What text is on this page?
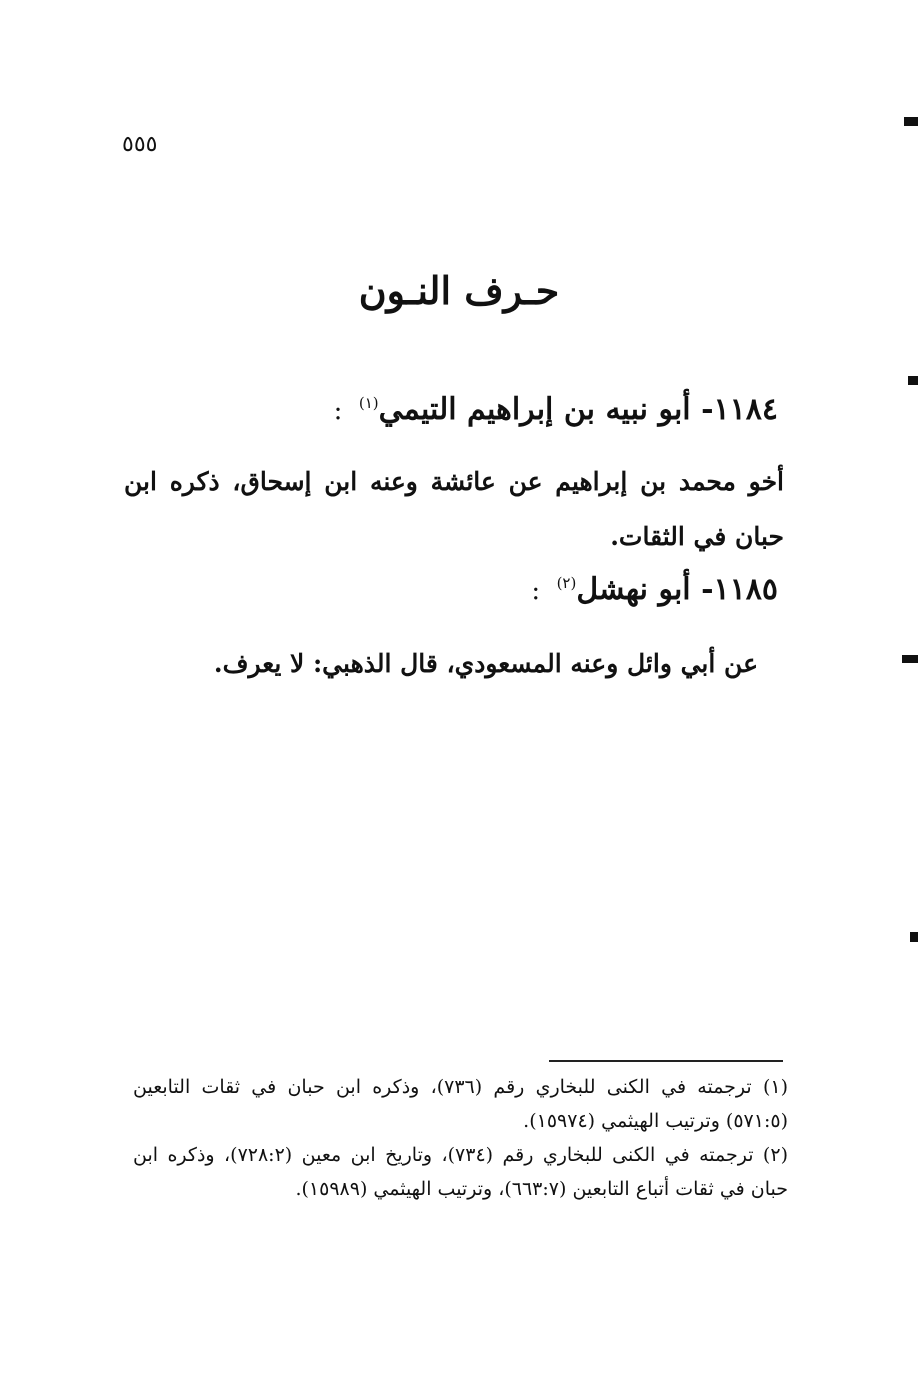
٥٥٥
حـرف النـون
١١٨٤- أبو نبيه بن إبراهيم التيمي$^{(١)}$ :
أخو محمد بن إبراهيم عن عائشة وعنه ابن إسحاق، ذكره ابن حبان في الثقات.
١١٨٥- أبو نهشل$^{(٢)}$ :
عن أبي وائل وعنه المسعودي، قال الذهبي: لا يعرف.

(١) ترجمته في الكنى للبخاري رقم (٧٣٦)، وذكره ابن حبان في ثقات التابعين (٥٧١:٥) وترتيب الهيثمي (١٥٩٧٤).

(٢) ترجمته في الكنى للبخاري رقم (٧٣٤)، وتاريخ ابن معين (٧٢٨:٢)، وذكره ابن حبان في ثقات أتباع التابعين (٦٦٣:٧)، وترتيب الهيثمي (١٥٩٨٩).
